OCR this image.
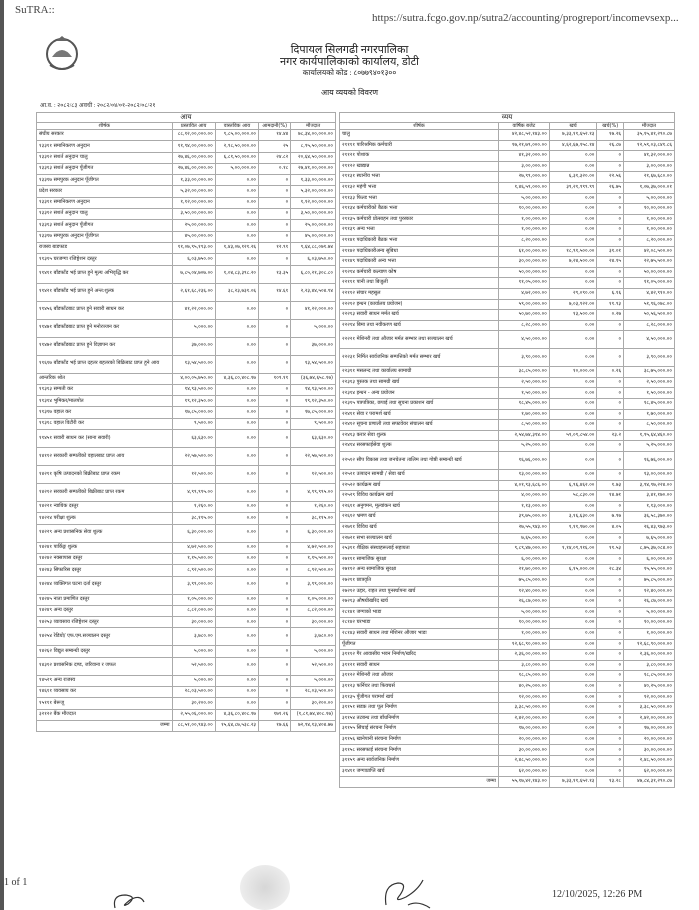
SuTRA::
https://sutra.fcgo.gov.np/sutra2/accounting/progreport/incomevsexp...
दिपायल सिलगढी नगरपालिका
नगर कार्यपालिकाको कार्यालय, डोटी
कार्यालयको कोड : ८०७७९४०१३००
आय व्ययको विवरण
आ.व. : २०८२/८३ अवधी : २०८२/०४/०१-२०८२/०८/२१
आय				
शीर्षक	प्रस्तावित आय	वास्तविक आय	आमदानी(%)	मौज्दात
संघीय सरकार	८८,१२,००,०००.००	९,८५,००,०००.००	१४.४४	७८,३४,००,०००.००
१३३११ समानिकरण अनुदान	११,९४,००,०००.००	२,९८,५०,०००.००	२५	८,९५,५०,०००.००
१३३१२ सशर्त अनुदान चालु	२७,४६,००,०००.००	६,८१,५०,०००.००	२४.८२	२०,६४,५०,०००.००
१३३१३ सशर्त अनुदान पूँजीगत	२७,४६,००,०००.००	५,००,०००.००	०.१८	२७,४१,००,०००.००
१३३१७ समपुरक अनुदान पूँजीगत	१,३३,००,०००.००	०.००	०	१,३३,००,०००.००
प्रदेश सरकार	५,३२,००,०००.००	०.००	०	५,३२,००,०००.००
१३३११ समानिकरण अनुदान	१,१२,००,०००.००	०.००	०	१,१२,००,०००.००
१३३१२ सशर्त अनुदान चालु	३,५०,००,०००.००	०.००	०	३,५०,००,०००.००
१३३१३ सशर्त अनुदान पूँजीगत	२५,००,०००.००	०.००	०	२५,००,०००.००
१३३१७ समपुरक अनुदान पूँजीगत	४५,००,०००.००	०.००	०	४५,००,०००.००
राजस्व बाडफाड	११,०७,९५,१९३.००	१,४३,०७,१२१.२६	१२.९१	९,६४,८८,०७१.७४
११३१५ घरजग्गा रजिष्ट्रेशन दस्तुर	६,०३,७५०.००	०.००	०	६,०३,७५०.००
११४११ बाँडफाँड भई प्राप्त हुने मूल्य अभिवृद्धि कर	७,८५,०४,७०७.००	१,०४,८३,३९८.२०	१३.३५	६,८०,२१,३०८.८०
११४२१ बाँडफाँड भई प्राप्त हुने अन्त:शुल्क	२,६१,६८,२३६.००	३८,२३,७३१.०६	१४.६१	२,२३,४४,५०४.९४
११४५६ बाँडफाँटबाट प्राप्त हुने सवारी साधन कर	४१,२२,०००.००	०.००	०	४१,२२,०००.००
११४७१ बाँडफाँडबाट प्राप्त हुने मनोरञ्जन कर	५,०००.००	०.००	०	५,०००.००
११४७२ बाँडफाँडबाट प्राप्त हुने विज्ञापन कर	३७,०००.००	०.००	०	३७,०००.००
११६१७ बाँडफाँड भई प्राप्त दहतर बहतरको बिक्रिबाट प्राप्त हुने आय	१३,५४,५००.००	०.००	०	१३,५४,५००.००
आन्तरिक श्रोत	४,००,०५,७५०.००	४,३६,८०,४०८.१७	१०९.११	(३६,७४,६५८.१७)
११३१३ सम्पती कर	१४,९३,५००.००	०.००	०	१४,९३,५००.००
११३१४ भुमिकर/मालपोत	१९,१२,३५०.००	०.००	०	१९,१२,३५०.००
११३१७ वहाल कर	१७,८५,०००.००	०.००	०	१७,८५,०००.००
११३१८ वहाल विटौरी कर	९,५००.००	०.००	०	९,५००.००
११४५१ सवारी साधन कर (साना सवारी)	६३,६३०.००	०.००	०	६३,६३०.००
१४११२ सरकारी सम्पतीको वहालबाट प्राप्त आय	२२,५७,५००.००	०.००	०	२२,५७,५००.००
१४२११ कृषि उत्पादनको बिक्रीबाट प्राप्त रकम	१२,५००.००	०.००	०	१२,५००.००
१४२१२ सरकारी सम्पतीको बिक्रीबाट प्राप्त रकम	४,९९,९९५.००	०.००	०	४,९९,९९५.००
१४२२१ न्यायिक दस्तुर	१,२६०.००	०.००	०	१,२६०.००
१४२२४ परीक्षा शुल्क	३८,११५.००	०.००	०	३८,११५.००
१४२२९ अन्य प्रशासनिक सेवा शुल्क	६,३०,०००.००	०.००	०	६,३०,०००.००
१४२४१ पार्किङ्ग शुल्क	४,७२,५००.००	०.००	०	४,७२,५००.००
१४२४२ नक्सापास दस्तुर	१,१५,५००.००	०.००	०	१,१५,५००.००
१४२४३ सिफारिस दस्तुर	८,९२,५००.००	०.००	०	८,९२,५००.००
१४२४४ व्यक्तिगत घटना दर्ता दस्तुर	३,९९,०००.००	०.००	०	३,९९,०००.००
१४२४५ नाता प्रमाणित दस्तुर	१,०५,०००.००	०.००	०	१,०५,०००.००
१४२४९ अन्य दस्तुर	८,८२,०००.००	०.००	०	८,८२,०००.००
१४२५३ व्यावसाय रजिष्ट्रेशन दस्तुर	३०,०००.००	०.००	०	३०,०००.००
१४२५४ रेडियो/ एफ.एम.सञ्चालन दस्तुर	३,७८०.००	०.००	०	३,७८०.००
१४२६२ विद्युत सम्बन्धी दस्तुर	५,०००.००	०.००	०	५,०००.००
१४३१२ प्रशासनिक दण्ड, जरिवाना र जफत	५२,५००.००	०.००	०	५२,५००.००
१४५२९ अन्य राजस्व	५,०००.००	०.००	०	५,०००.००
१४६११ व्यवसाय कर	२८,०३,५००.००	०.००	०	२८,०३,५००.००
१५१११ बेरूजू	३०,२००.००	०.००	०	३०,२००.००
३२१२२ बैंक मौज्दात	२,५५,०६,०००.००	४,३६,८०,४०८.१७	१७१.२६	(१,८१,७४,४०८.१७)
जम्मा	८८,५१,००,९४३.००	१५,६४,८७,५३८.२३	१७.६६	७२,९४,१३,४०४.७७
व्यय				
शीर्षक	वार्षिक बजेट	खर्च	खर्च(%)	मौज्दात
चालु	४२,४८,५२,१४३.००	७,३३,११,६५२.१३	१७.२६	३५,१५,४१,२९०.८७
२११११ पारिश्रमिक कर्मचारी	१७,२१,७९,०००.००	४,६२,६७,१५८.१४	२६.८७	१२,५९,०३,८४१.८६
२११२१ पोशाक	४१,३२,०००.००	०.००	०	४१,३२,०००.००
२११२२ खाद्यान्न	३,००,०००.००	०.००	०	३,००,०००.००
२११३१ स्थानीय भत्ता	२७,९९,०००.००	६,३१,३२०.००	२२.५६	२१,६७,६८०.००
२११३२ महंगी भत्ता	१,४६,५९,०००.००	३९,२१,९९९.९९	२६.७५	१,०७,३७,०००.०१
२११३३ फिल्ड भत्ता	५,००,०००.००	०.००	०	५,००,०००.००
२११३४ कर्मचारीको बैठक भत्ता	१०,००,०००.००	०.००	०	१०,००,०००.००
२११३५ कर्मचारी प्रोत्साहन तथा पुरस्कार	१,००,०००.००	०.००	०	१,००,०००.००
२११३९ अन्य भत्ता	१,००,०००.००	०.००	०	१,००,०००.००
२११४१ पदाधिकारी बैठक भत्ता	८,२०,०००.००	०.००	०	८,२०,०००.००
२११४२ पदाधिकारीअन्य सुबिधा	६१,००,०००.००	१८,९१,५००.००	३१.०१	४२,०८,५००.००
२११४९ पदाधिकारी अन्य भत्ता	३०,००,०००.००	७,२४,५००.००	२४.१५	२२,७५,५००.००
२१२१४ कर्मचारी कल्याण कोष	५०,००,०००.००	०.००	०	५०,००,०००.००
२२१११ पानी तथा बिजुली	११,०५,०००.००	०.००	०	११,०५,०००.००
२२११२ संचार महसुल	४,७२,०००.००	२९,०९०.००	६.१६	४,४२,९१०.००
२२२१२ इन्धन (कार्यालय प्रयोजन)	५९,००,०००.००	७,०३,९२२.००	११.९३	५१,९६,०७८.००
२२२१३ सवारी साधन मर्मत खर्च	५०,७०,०००.००	१३,५००.००	०.२७	५०,५६,५००.००
२२२१४ बिमा तथा नवीकरण खर्च	८,२८,०००.००	०.००	०	८,२८,०००.००
२२२२१ मेशिनरी तथा औजार मर्मत सम्भार तथा सञ्चालन खर्च	४,५०,०००.००	०.००	०	४,५०,०००.००
२२२३१ निर्मित सार्वजनिक सम्पत्तिको मर्मत सम्भार खर्च	३,९०,०००.००	०.००	०	३,९०,०००.००
२२३११ मसलन्द तथा कार्यालय सामाग्री	३८,८५,०००.००	१०,०००.००	०.२६	३८,७५,०००.००
२२३१३ पुस्तक तथा सामग्री खर्च	२,५०,०००.००	०.००	०	२,५०,०००.००
२२३१४ इन्धन - अन्य प्रयोजन	१,५०,०००.००	०.००	०	१,५०,०००.००
२२३१५ पत्रपत्रिका, छपाई तथा सूचना प्रकाशन खर्च	१८,४५,०००.००	०.००	०	१८,४५,०००.००
२२४११ सेवा र परामर्श खर्च	१,७०,०००.००	०.००	०	१,७०,०००.००
२२४१२ सूचना प्रणाली तथा सफ्टवेयर संचालन खर्च	८,५०,०००.००	०.००	०	८,५०,०००.००
२२४१३ करार सेवा शुल्क	२,५४,७४,३१४.००	५९,०९,८५४.००	२३.२	१,९५,६४,४६०.००
२२४१४ सरसफाईसेवा शुल्क	५,२५,०००.००	०.००	०	५,२५,०००.००
२२५१२ सीप विकास तथा जनचेतना तालिम तथा गोष्ठी सम्बन्धी खर्च	१६,७६,०००.००	०.००	०	१६,७६,०००.००
२२५२१ उत्पादन सामग्री / सेवा खर्च	१३,००,०००.००	०.००	०	१३,००,०००.००
२२५२२ कार्यक्रम खर्च	४,०१,९३,६८६.००	६,९६,४६२.००	१.७३	३,९४,९७,२२४.००
२२५२९ विविध कार्यक्रम खर्च	४,००,०००.००	५८,८३०.००	१४.७१	३,४१,१७०.००
२२६११ अनुगमन, मूल्यांकन खर्च	१,१३,०००.००	०.००	०	१,१३,०००.००
२२६१२ भ्रमण खर्च	३९,७५,०००.००	३,१६,६३०.००	७.९७	३६,५८,३७०.००
२२७११ विविध खर्च	२७,५५,९४३.००	१,११,९७०.००	४.०५	२६,४३,९७३.००
२२७२१ सभा सञ्चालन खर्च	७,६५,०००.००	०.००	०	७,६५,०००.००
२५३११ शैक्षिक संस्थाहरूलाई सहायता	९,८९,४७,०००.००	१,१४,०९,९१६.००	११.५३	८,७५,३७,०८४.००
२७१११ सामाजिक सुरक्षा	६,००,०००.००	०.००	०	६,००,०००.००
२७११२ अन्य सामाजिक सुरक्षा	२१,७०,०००.००	६,१५,०००.००	२८.३४	१५,५५,०००.००
२७२११ छात्रवृति	७५,८५,०००.००	०.००	०	७५,८५,०००.००
२७२१२ उद्दार, राहत तथा पुनर्स्थापना खर्च	१२,४०,०००.००	०.००	०	१२,४०,०००.००
२७२१३ औषधीखरिद खर्च	२६,८७,०००.००	०.००	०	२६,८७,०००.००
२८१४१ जग्गाको भाडा	५,००,०००.००	०.००	०	५,००,०००.००
२८१४२ घरभाडा	१०,००,०००.००	०.००	०	१०,००,०००.००
२८१४३ सवारी साधन तथा मेशिनर औजार भाडा	१,००,०००.००	०.००	०	१,००,०००.००
पूँजीगत	१२,६८,९०,०००.००	०.००	०	१२,६८,९०,०००.००
३१११२ गैर आवासीय भवन निर्माण/खरिद	२,३६,००,०००.००	०.००	०	२,३६,००,०००.००
३११२१ सवारी साधन	३,८०,०००.००	०.००	०	३,८०,०००.००
३११२२ मेशिनरी तथा औजार	१८,८५,०००.००	०.००	०	१८,८५,०००.००
३११२३ फर्निचर तथा फिक्चर्स	४०,२५,०००.००	०.००	०	४०,२५,०००.००
३११३५ पूँजीगत परामर्श खर्च	१२,००,०००.००	०.००	०	१२,००,०००.००
३११५१ सडक तथा पूल निर्माण	३,३८,५०,०००.००	०.००	०	३,३८,५०,०००.००
३११५४ तटबन्ध तथा बाँधनिर्माण	२,४२,००,०००.००	०.००	०	२,४२,००,०००.००
३११५५ सिंचाई संरचना निर्माण	१७,००,०००.००	०.००	०	१७,००,०००.००
३११५६ खानेपानी संरचना निर्माण	२०,००,०००.००	०.००	०	२०,००,०००.००
३११५८ सरसफाई संरचना निर्माण	३०,००,०००.००	०.००	०	३०,००,०००.००
३११५९ अन्य सार्वजनिक निर्माण	२,४८,५०,०००.००	०.००	०	२,४८,५०,०००.००
३१४११ जग्गाप्राप्ति खर्च	६२,००,०००.००	०.००	०	६२,००,०००.००
जम्मा	५५,१७,४२,१४३.००	७,३३,११,६५२.१३	१३.२८	४७,८४,३१,२९०.८७
1 of 1
12/10/2025, 12:26 PM
